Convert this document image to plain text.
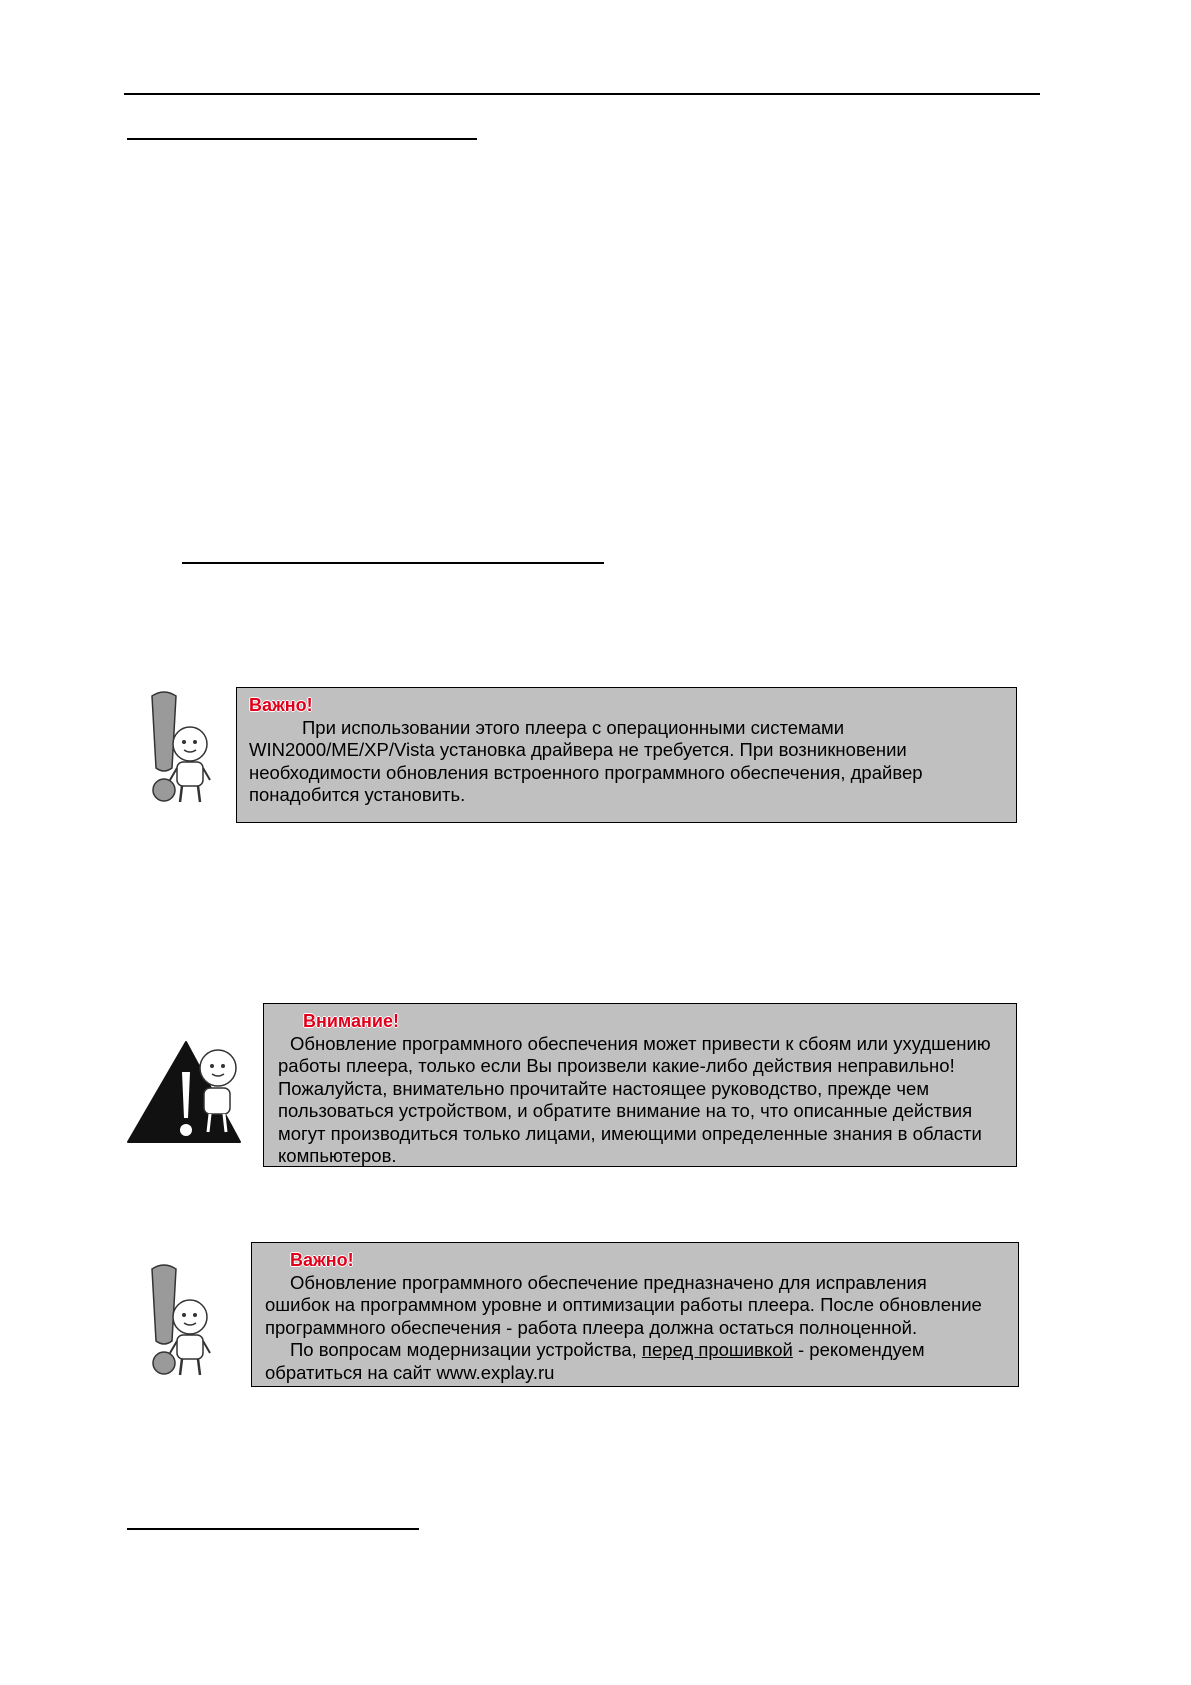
Важно!

При использовании этого плеера с операционными системами

WIN2000/ME/XP/Vista установка драйвера не требуется. При возникновении

необходимости обновления встроенного программного обеспечения, драйвер

понадобится установить.

Внимание!

Обновление программного обеспечения может привести к сбоям или ухудшению

работы плеера, только если Вы произвели какие-либо действия неправильно!

Пожалуйста, внимательно прочитайте настоящее руководство, прежде чем

пользоваться устройством, и обратите внимание на то, что описанные действия

могут производиться только лицами, имеющими определенные знания в области

компьютеров.

Важно!

Обновление программного обеспечение предназначено для исправления

ошибок на программном уровне и оптимизации работы плеера. После обновление

программного обеспечения - работа плеера должна остаться полноценной.

По вопросам модернизации устройства, перед прошивкой - рекомендуем

обратиться на сайт www.explay.ru
